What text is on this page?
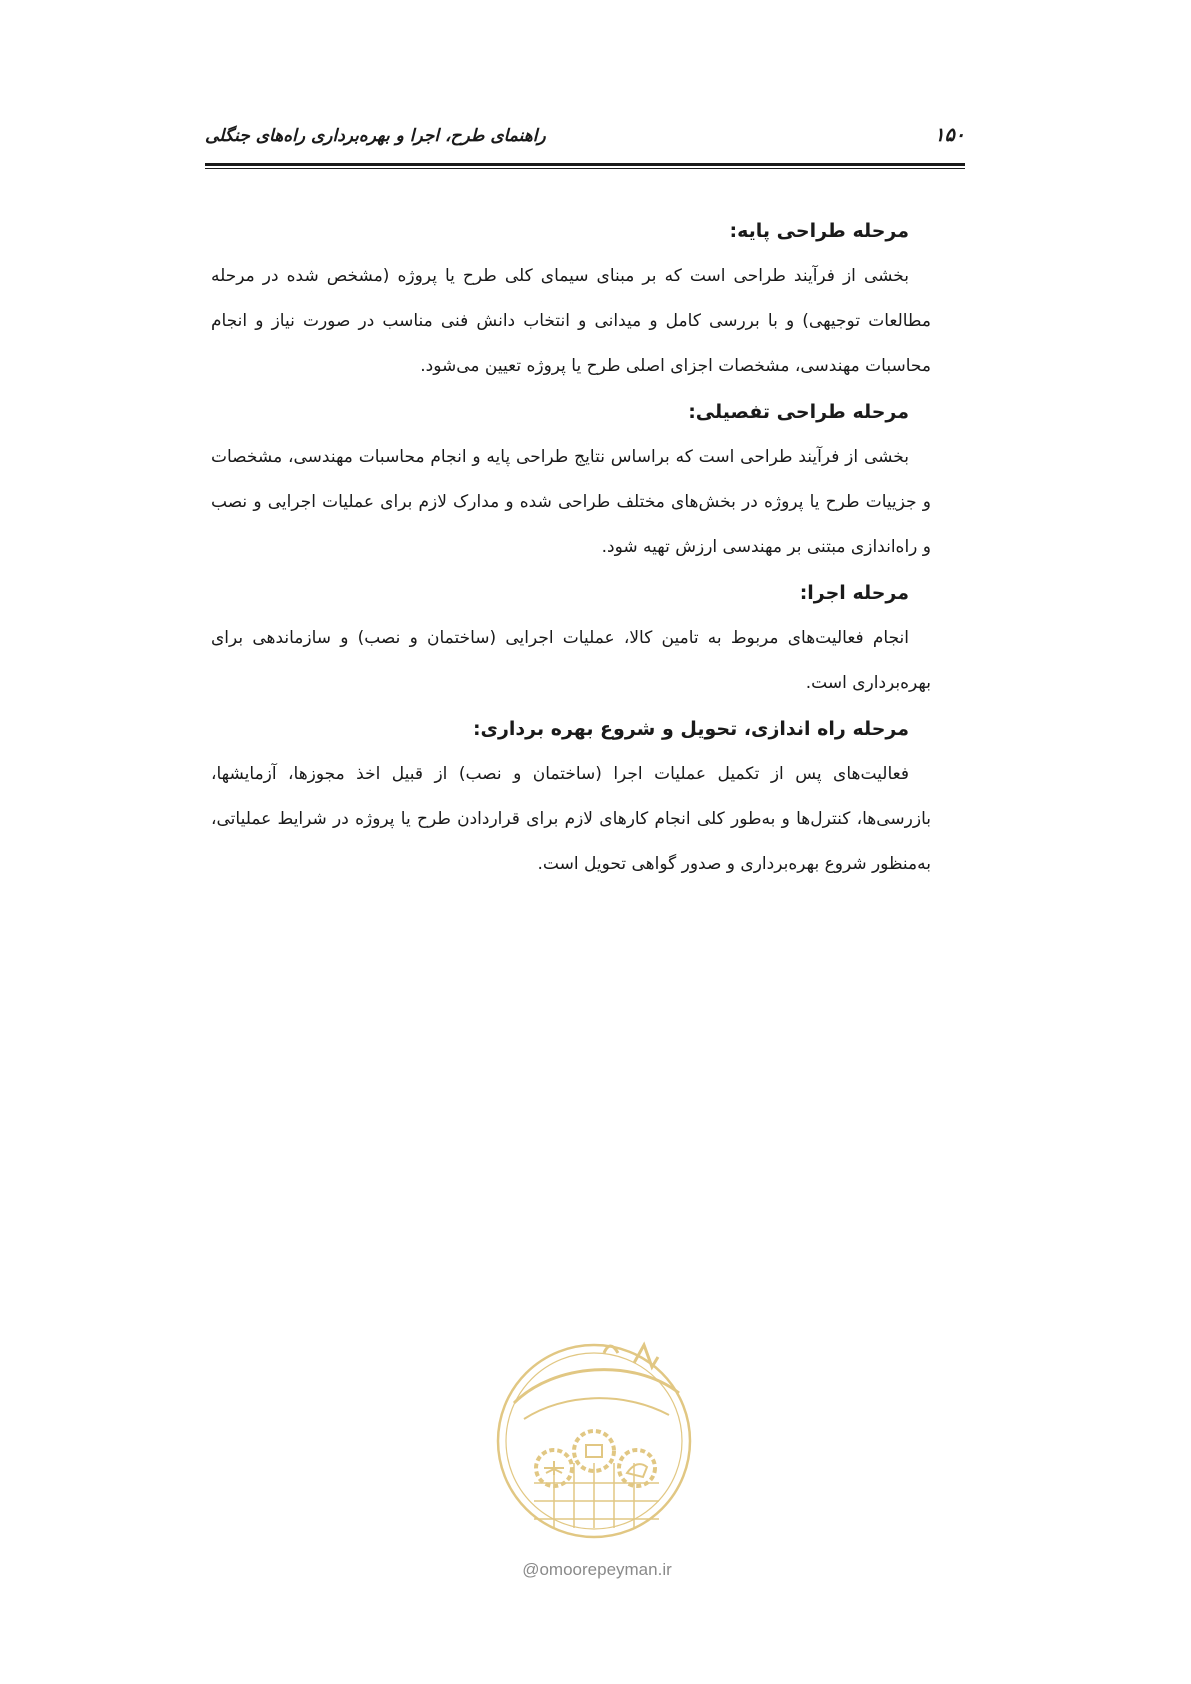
راهنمای طرح، اجرا و بهره‌برداری راه‌های جنگلی	۱۵۰
مرحله طراحی پایه:

بخشی از فرآیند طراحی است که بر مبنای سیمای کلی طرح یا پروژه (مشخص شده در مرحله مطالعات توجیهی) و با بررسی کامل و میدانی و انتخاب دانش فنی مناسب در صورت نیاز و انجام محاسبات مهندسی، مشخصات اجزای اصلی طرح یا پروژه تعیین می‌شود.

مرحله طراحی تفصیلی:

بخشی از فرآیند طراحی است که براساس نتایج طراحی پایه و انجام محاسبات مهندسی، مشخصات و جزییات طرح یا پروژه در بخش‌های مختلف طراحی شده و مدارک لازم برای عملیات اجرایی و نصب و راه‌اندازی مبتنی بر مهندسی ارزش تهیه شود.

مرحله اجرا:

انجام فعالیت‌های مربوط به تامین کالا، عملیات اجرایی (ساختمان و نصب) و سازماندهی برای بهره‌برداری است.

مرحله راه اندازی، تحویل و شروع بهره برداری:

فعالیت‌های پس از تکمیل عملیات اجرا (ساختمان و نصب) از قبیل اخذ مجوزها، آزمایشها، بازرسی‌ها، کنترل‌ها و به‌طور کلی انجام کارهای لازم برای قراردادن طرح یا پروژه در شرایط عملیاتی، به‌منظور شروع بهره‌برداری و صدور گواهی تحویل است.

@omoorepeyman.ir
